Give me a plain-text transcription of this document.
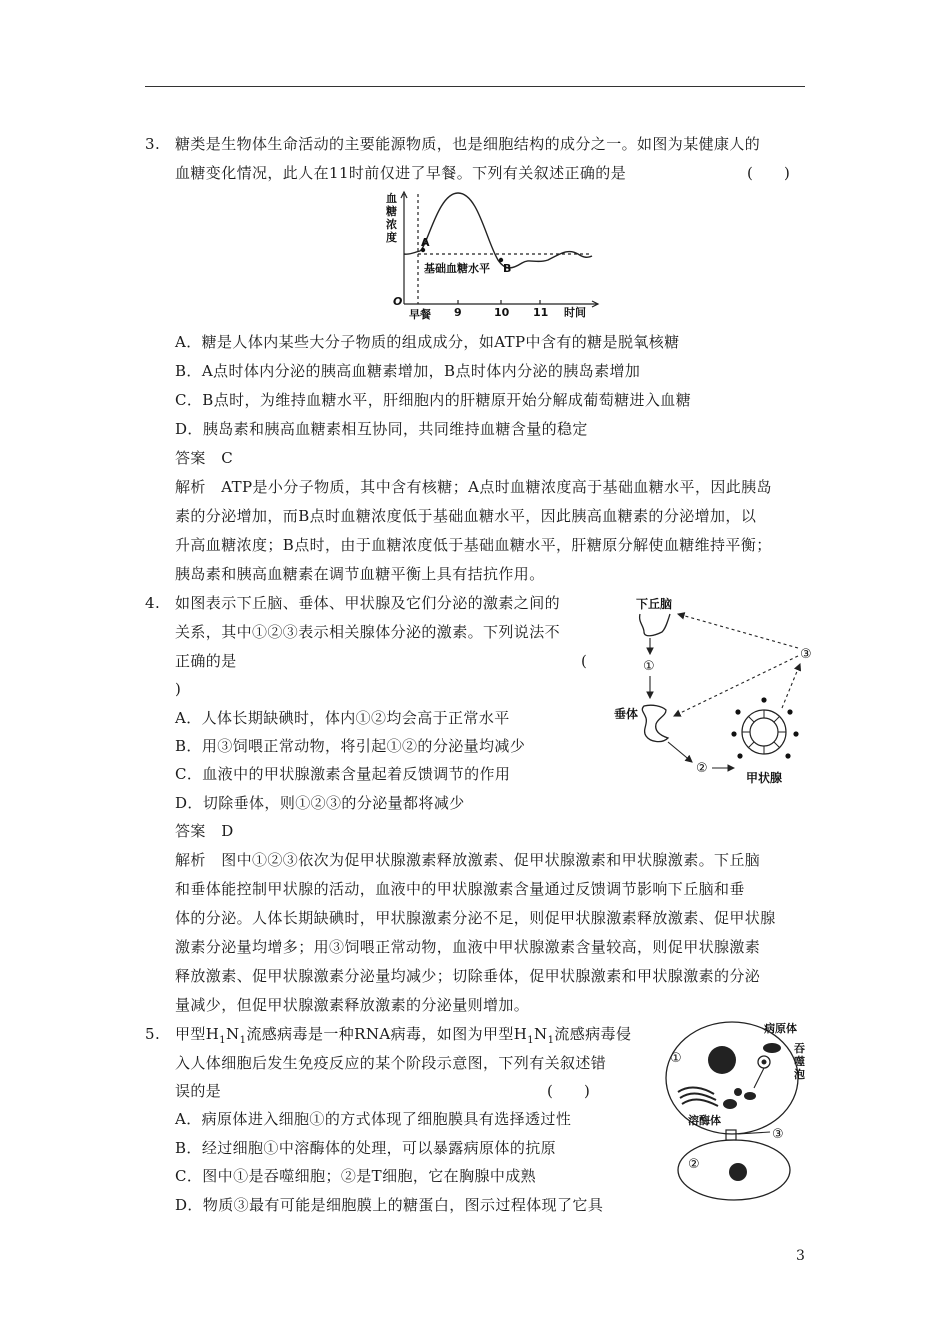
3. 糖类是生物体生命活动的主要能源物质，也是细胞结构的成分之一。如图为某健康人的
血糖变化情况，此人在11时前仅进了早餐。下列有关叙述正确的是	(　　)
血
糖
浓
度
血糖浓度
O
早餐
基础血糖水平
A
B
9	10 11 时间
A．糖是人体内某些大分子物质的组成成分，如ATP中含有的糖是脱氧核糖
B．A点时体内分泌的胰高血糖素增加，B点时体内分泌的胰岛素增加
C．B点时，为维持血糖水平，肝细胞内的肝糖原开始分解成葡萄糖进入血糖
D．胰岛素和胰高血糖素相互协同，共同维持血糖含量的稳定
答案　C
解析　ATP是小分子物质，其中含有核糖；A点时血糖浓度高于基础血糖水平，因此胰岛
素的分泌增加，而B点时血糖浓度低于基础血糖水平，因此胰高血糖素的分泌增加，以
升高血糖浓度；B点时，由于血糖浓度低于基础血糖水平，肝糖原分解使血糖维持平衡；
胰岛素和胰高血糖素在调节血糖平衡上具有拮抗作用。
4. 如图表示下丘脑、垂体、甲状腺及它们分泌的激素之间的
关系，其中①②③表示相关腺体分泌的激素。下列说法不
正确的是	(
)
下丘脑
①
垂体
②
甲状腺
③
A．人体长期缺碘时，体内①②均会高于正常水平
B．用③饲喂正常动物，将引起①②的分泌量均减少
C．血液中的甲状腺激素含量起着反馈调节的作用
D．切除垂体，则①②③的分泌量都将减少
答案　D
解析　图中①②③依次为促甲状腺激素释放激素、促甲状腺激素和甲状腺激素。下丘脑
和垂体能控制甲状腺的活动，血液中的甲状腺激素含量通过反馈调节影响下丘脑和垂
体的分泌。人体长期缺碘时，甲状腺激素分泌不足，则促甲状腺激素释放激素、促甲状腺
激素分泌量均增多；用③饲喂正常动物，血液中甲状腺激素含量较高，则促甲状腺激素
释放激素、促甲状腺激素分泌量均减少；切除垂体，促甲状腺激素和甲状腺激素的分泌
量减少，但促甲状腺激素释放激素的分泌量则增加。
5. 甲型$H_1N_1$流感病毒是一种RNA病毒，如图为甲型$H_1N_1$流感病毒侵
入人体细胞后发生免疫反应的某个阶段示意图，下列有关叙述错
误的是	(　　)
A．病原体进入细胞①的方式体现了细胞膜具有选择透过性
B．经过细胞①中溶酶体的处理，可以暴露病原体的抗原
C．图中①是吞噬细胞；②是T细胞，它在胸腺中成熟
D．物质③最有可能是细胞膜上的糖蛋白，图示过程体现了它具
①
病原体
吞
噬
泡
溶酶体
③
②
3
